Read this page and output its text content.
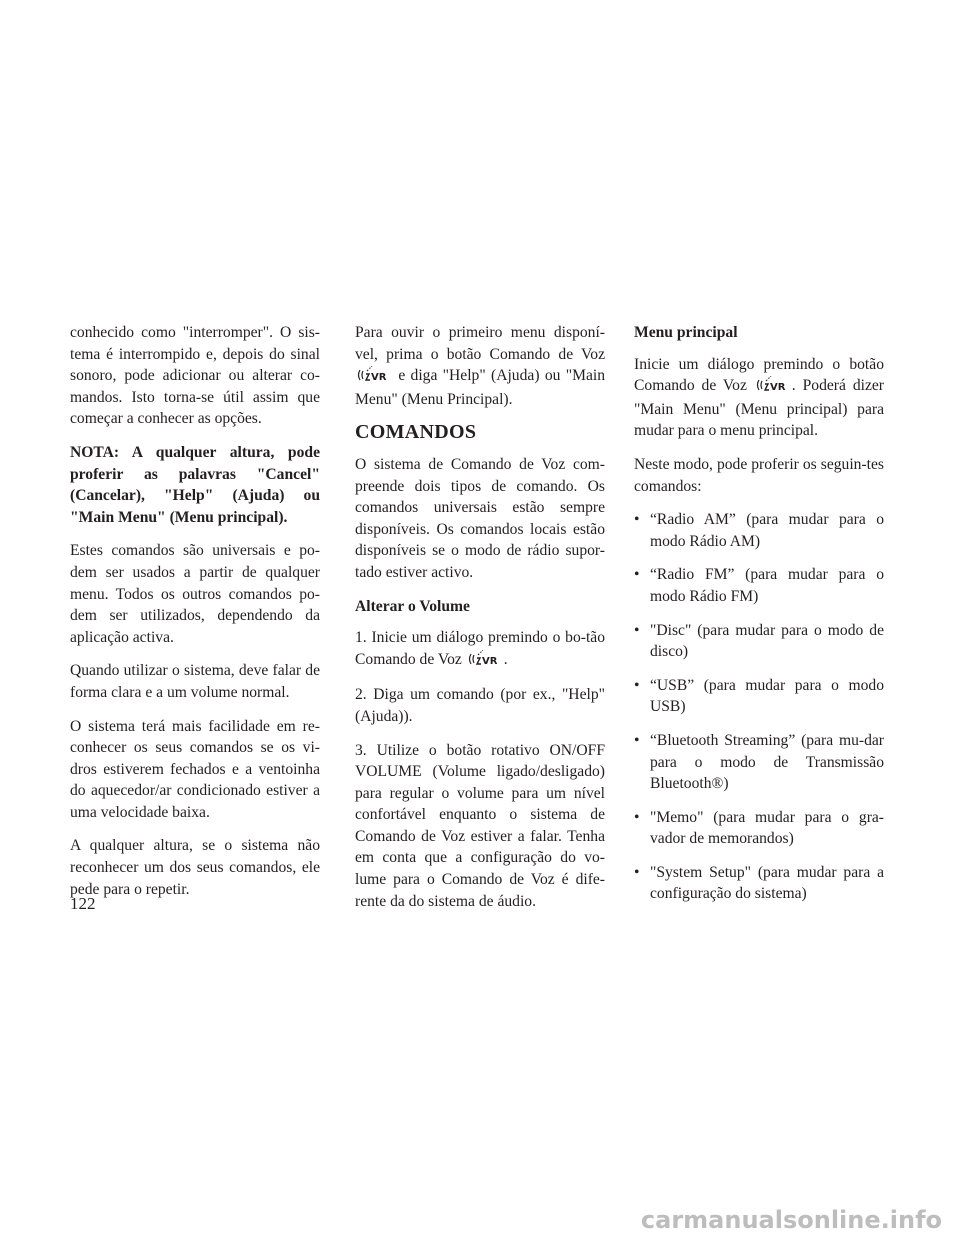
conhecido como "interromper". O sis-tema é interrompido e, depois do sinal sonoro, pode adicionar ou alterar co-mandos. Isto torna-se útil assim que começar a conhecer as opções.

NOTA: A qualquer altura, pode proferir as palavras "Cancel" (Cancelar), "Help" (Ajuda) ou "Main Menu" (Menu principal).

Estes comandos são universais e po-dem ser usados a partir de qualquer menu. Todos os outros comandos po-dem ser utilizados, dependendo da aplicação activa.

Quando utilizar o sistema, deve falar de forma clara e a um volume normal.

O sistema terá mais facilidade em re-conhecer os seus comandos se os vi-dros estiverem fechados e a ventoinha do aquecedor/ar condicionado estiver a uma velocidade baixa.

A qualquer altura, se o sistema não reconhecer um dos seus comandos, ele pede para o repetir.

Para ouvir o primeiro menu disponí-vel, prima o botão Comando de Voz
VR e diga "Help" (Ajuda) ou "Main Menu" (Menu Principal).

COMANDOS

O sistema de Comando de Voz com-preende dois tipos de comando. Os comandos universais estão sempre disponíveis. Os comandos locais estão disponíveis se o modo de rádio supor-tado estiver activo.

Alterar o Volume

1. Inicie um diálogo premindo o bo-tão Comando de Voz VR .

2. Diga um comando (por ex., "Help" (Ajuda)).

3. Utilize o botão rotativo ON/OFF VOLUME (Volume ligado/desligado) para regular o volume para um nível confortável enquanto o sistema de Comando de Voz estiver a falar. Tenha em conta que a configuração do vo-lume para o Comando de Voz é dife-rente da do sistema de áudio.

Menu principal

Inicie um diálogo premindo o botão Comando de Voz VR . Poderá dizer "Main Menu" (Menu principal) para mudar para o menu principal.

Neste modo, pode proferir os seguin-tes comandos:

• “Radio AM” (para mudar para o modo Rádio AM)
• “Radio FM” (para mudar para o modo Rádio FM)
• "Disc" (para mudar para o modo de disco)
• “USB” (para mudar para o modo USB)
• “Bluetooth Streaming” (para mu-dar para o modo de Transmissão Bluetooth®)
• "Memo" (para mudar para o gra-vador de memorandos)
• "System Setup" (para mudar para a configuração do sistema)
122
carmanualsonline.info
